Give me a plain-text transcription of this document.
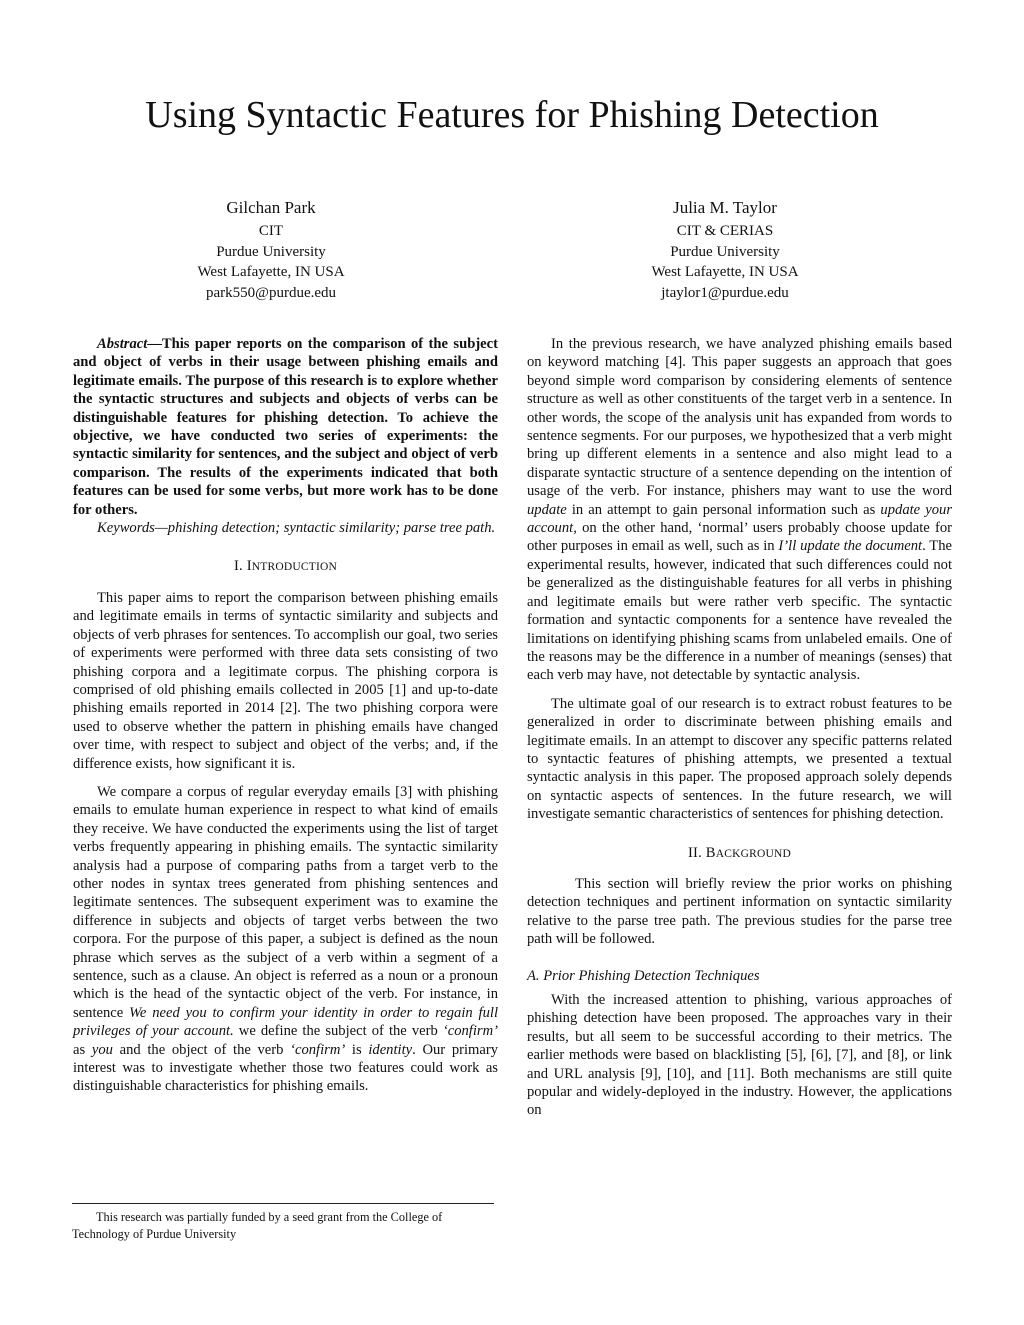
Using Syntactic Features for Phishing Detection
Gilchan Park
CIT
Purdue University
West Lafayette, IN USA
park550@purdue.edu
Julia M. Taylor
CIT & CERIAS
Purdue University
West Lafayette, IN USA
jtaylor1@purdue.edu

Abstract—This paper reports on the comparison of the subject and object of verbs in their usage between phishing emails and legitimate emails. The purpose of this research is to explore whether the syntactic structures and subjects and objects of verbs can be distinguishable features for phishing detection. To achieve the objective, we have conducted two series of experiments: the syntactic similarity for sentences, and the subject and object of verb comparison. The results of the experiments indicated that both features can be used for some verbs, but more work has to be done for others.

Keywords—phishing detection; syntactic similarity; parse tree path.

I. INTRODUCTION

This paper aims to report the comparison between phishing emails and legitimate emails in terms of syntactic similarity and subjects and objects of verb phrases for sentences. To accomplish our goal, two series of experiments were performed with three data sets consisting of two phishing corpora and a legitimate corpus. The phishing corpora is comprised of old phishing emails collected in 2005 [1] and up-to-date phishing emails reported in 2014 [2]. The two phishing corpora were used to observe whether the pattern in phishing emails have changed over time, with respect to subject and object of the verbs; and, if the difference exists, how significant it is.

We compare a corpus of regular everyday emails [3] with phishing emails to emulate human experience in respect to what kind of emails they receive. We have conducted the experiments using the list of target verbs frequently appearing in phishing emails. The syntactic similarity analysis had a purpose of comparing paths from a target verb to the other nodes in syntax trees generated from phishing sentences and legitimate sentences. The subsequent experiment was to examine the difference in subjects and objects of target verbs between the two corpora. For the purpose of this paper, a subject is defined as the noun phrase which serves as the subject of a verb within a segment of a sentence, such as a clause. An object is referred as a noun or a pronoun which is the head of the syntactic object of the verb. For instance, in sentence We need you to confirm your identity in order to regain full privileges of your account. we define the subject of the verb ‘confirm’ as you and the object of the verb ‘confirm’ is identity. Our primary interest was to investigate whether those two features could work as distinguishable characteristics for phishing emails.

In the previous research, we have analyzed phishing emails based on keyword matching [4]. This paper suggests an approach that goes beyond simple word comparison by considering elements of sentence structure as well as other constituents of the target verb in a sentence. In other words, the scope of the analysis unit has expanded from words to sentence segments. For our purposes, we hypothesized that a verb might bring up different elements in a sentence and also might lead to a disparate syntactic structure of a sentence depending on the intention of usage of the verb. For instance, phishers may want to use the word update in an attempt to gain personal information such as update your account, on the other hand, ‘normal’ users probably choose update for other purposes in email as well, such as in I’ll update the document. The experimental results, however, indicated that such differences could not be generalized as the distinguishable features for all verbs in phishing and legitimate emails but were rather verb specific. The syntactic formation and syntactic components for a sentence have revealed the limitations on identifying phishing scams from unlabeled emails. One of the reasons may be the difference in a number of meanings (senses) that each verb may have, not detectable by syntactic analysis.

The ultimate goal of our research is to extract robust features to be generalized in order to discriminate between phishing emails and legitimate emails. In an attempt to discover any specific patterns related to syntactic features of phishing attempts, we presented a textual syntactic analysis in this paper. The proposed approach solely depends on syntactic aspects of sentences. In the future research, we will investigate semantic characteristics of sentences for phishing detection.

II. BACKGROUND

This section will briefly review the prior works on phishing detection techniques and pertinent information on syntactic similarity relative to the parse tree path. The previous studies for the parse tree path will be followed.

A. Prior Phishing Detection Techniques

With the increased attention to phishing, various approaches of phishing detection have been proposed. The approaches vary in their results, but all seem to be successful according to their metrics. The earlier methods were based on blacklisting [5], [6], [7], and [8], or link and URL analysis [9], [10], and [11]. Both mechanisms are still quite popular and widely-deployed in the industry. However, the applications on

This research was partially funded by a seed grant from the College of
Technology of Purdue University
